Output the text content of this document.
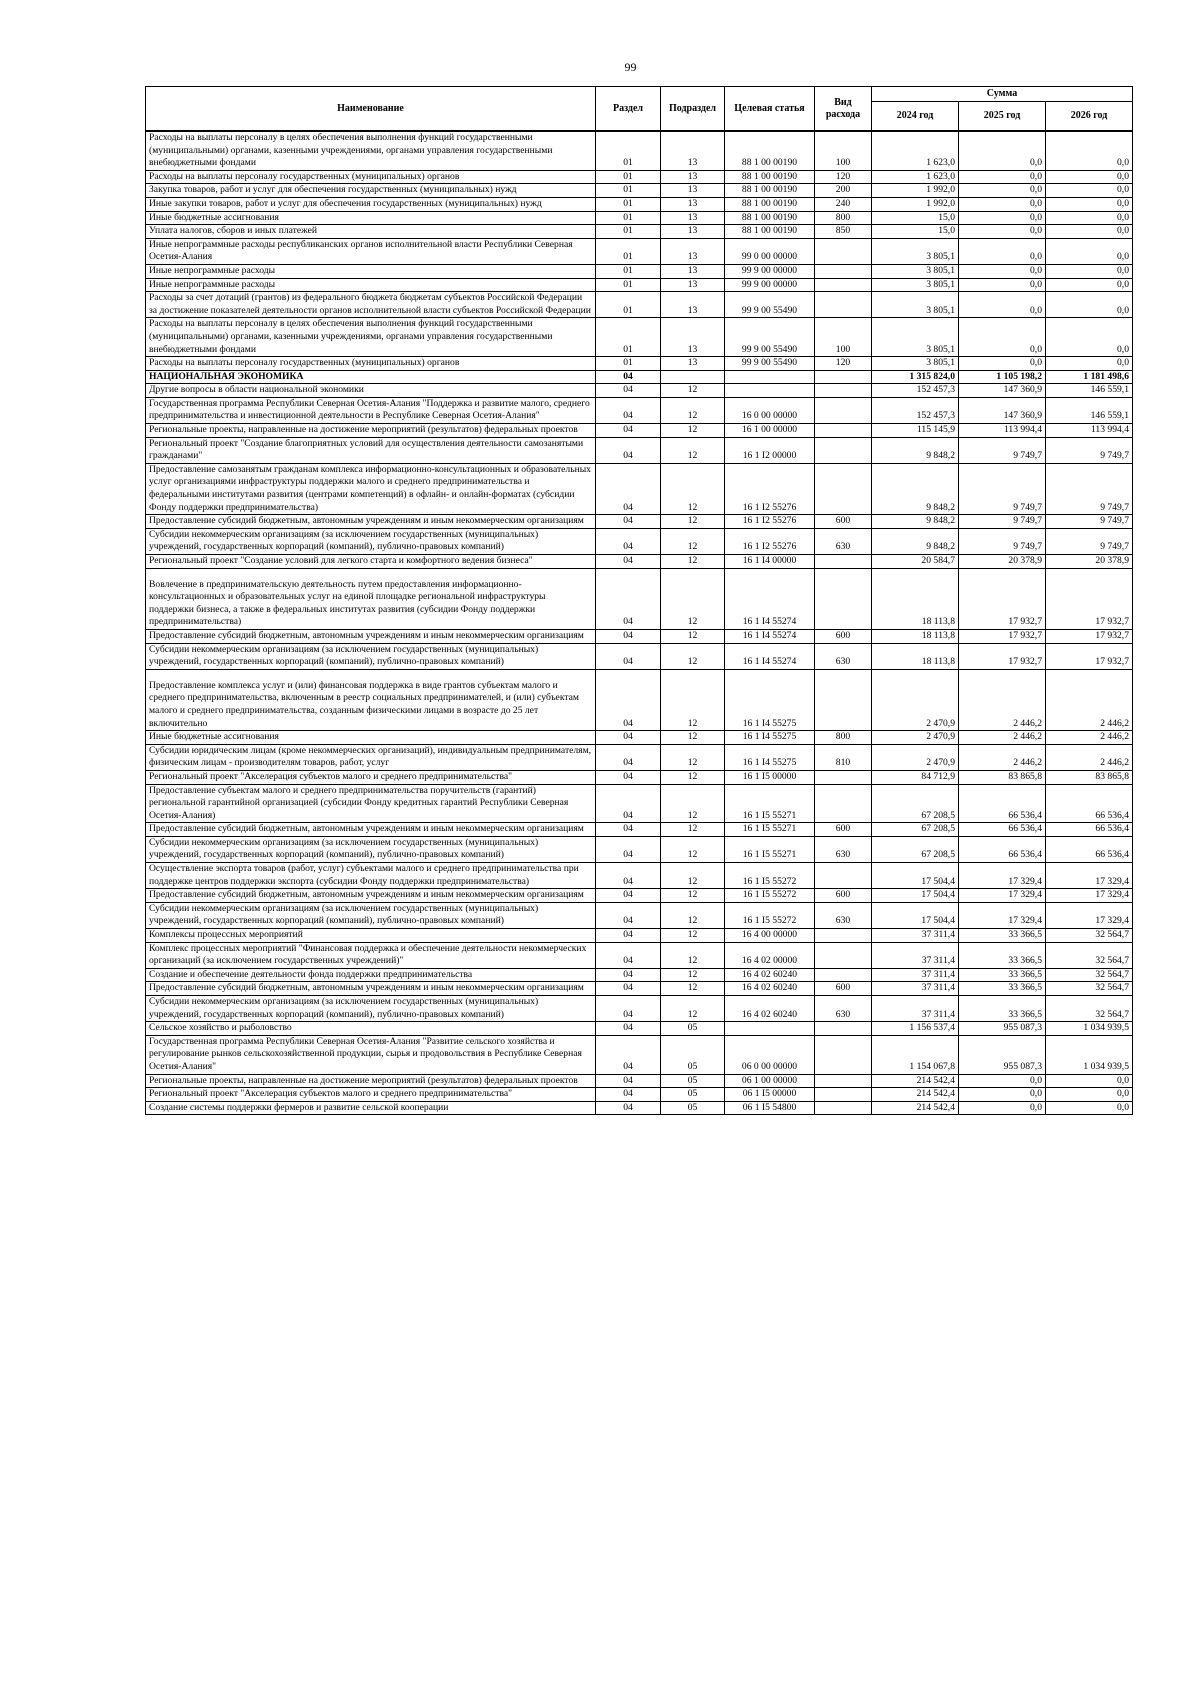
99
Наименование	Раздел	Подраздел	Целевая статья	Вид расхода	Сумма		
					2024 год	2025 год	2026 год
Расходы на выплаты персоналу в целях обеспечения выполнения функций государственными (муниципальными) органами, казенными учреждениями, органами управления государственными внебюджетными фондами	01	13	88 1 00 00190	100	1 623,0	0,0	0,0
Расходы на выплаты персоналу государственных (муниципальных) органов	01	13	88 1 00 00190	120	1 623,0	0,0	0,0
Закупка товаров, работ и услуг для обеспечения государственных (муниципальных) нужд	01	13	88 1 00 00190	200	1 992,0	0,0	0,0
Иные закупки товаров, работ и услуг для обеспечения государственных (муниципальных) нужд	01	13	88 1 00 00190	240	1 992,0	0,0	0,0
Иные бюджетные ассигнования	01	13	88 1 00 00190	800	15,0	0,0	0,0
Уплата налогов, сборов и иных платежей	01	13	88 1 00 00190	850	15,0	0,0	0,0
Иные непрограммные расходы республиканских органов исполнительной власти Республики Северная Осетия-Алания	01	13	99 0 00 00000		3 805,1	0,0	0,0
Иные непрограммные расходы	01	13	99 9 00 00000		3 805,1	0,0	0,0
Иные непрограммные расходы	01	13	99 9 00 00000		3 805,1	0,0	0,0
Расходы за счет дотаций (грантов) из федерального бюджета бюджетам субъектов Российской Федерации за достижение показателей деятельности органов исполнительной власти субъектов Российской Федерации	01	13	99 9 00 55490		3 805,1	0,0	0,0
Расходы на выплаты персоналу в целях обеспечения выполнения функций государственными (муниципальными) органами, казенными учреждениями, органами управления государственными внебюджетными фондами	01	13	99 9 00 55490	100	3 805,1	0,0	0,0
Расходы на выплаты персоналу государственных (муниципальных) органов	01	13	99 9 00 55490	120	3 805,1	0,0	0,0
НАЦИОНАЛЬНАЯ ЭКОНОМИКА	04				1 315 824,0	1 105 198,2	1 181 498,6
Другие вопросы в области национальной экономики	04	12			152 457,3	147 360,9	146 559,1
Государственная программа Республики Северная Осетия-Алания "Поддержка и развитие малого, среднего предпринимательства и инвестиционной деятельности в Республике Северная Осетия-Алания"	04	12	16 0 00 00000		152 457,3	147 360,9	146 559,1
Региональные проекты, направленные на достижение мероприятий (результатов) федеральных проектов	04	12	16 1 00 00000		115 145,9	113 994,4	113 994,4
Региональный проект "Создание благоприятных условий для осуществления деятельности самозанятыми гражданами"	04	12	16 1 I2 00000		9 848,2	9 749,7	9 749,7
Предоставление самозанятым гражданам комплекса информационно-консультационных и образовательных услуг организациями инфраструктуры поддержки малого и среднего предпринимательства и федеральными институтами развития (центрами компетенций) в офлайн- и онлайн-форматах (субсидии Фонду поддержки предпринимательства)	04	12	16 1 I2 55276		9 848,2	9 749,7	9 749,7
Предоставление субсидий бюджетным, автономным учреждениям и иным некоммерческим организациям	04	12	16 1 I2 55276	600	9 848,2	9 749,7	9 749,7
Субсидии некоммерческим организациям (за исключением государственных (муниципальных) учреждений, государственных корпораций (компаний), публично-правовых компаний)	04	12	16 1 I2 55276	630	9 848,2	9 749,7	9 749,7
Региональный проект "Создание условий для легкого старта и комфортного ведения бизнеса"	04	12	16 1 I4 00000		20 584,7	20 378,9	20 378,9
Вовлечение в предпринимательскую деятельность путем предоставления информационно-консультационных и образовательных услуг на единой площадке региональной инфраструктуры поддержки бизнеса, а также в федеральных институтах развития (субсидии Фонду поддержки предпринимательства)	04	12	16 1 I4 55274		18 113,8	17 932,7	17 932,7
Предоставление субсидий бюджетным, автономным учреждениям и иным некоммерческим организациям	04	12	16 1 I4 55274	600	18 113,8	17 932,7	17 932,7
Субсидии некоммерческим организациям (за исключением государственных (муниципальных) учреждений, государственных корпораций (компаний), публично-правовых компаний)	04	12	16 1 I4 55274	630	18 113,8	17 932,7	17 932,7
Предоставление комплекса услуг и (или) финансовая поддержка в виде грантов субъектам малого и среднего предпринимательства, включенным в реестр социальных предпринимателей, и (или) субъектам малого и среднего предпринимательства, созданным физическими лицами в возрасте до 25 лет включительно	04	12	16 1 I4 55275		2 470,9	2 446,2	2 446,2
Иные бюджетные ассигнования	04	12	16 1 I4 55275	800	2 470,9	2 446,2	2 446,2
Субсидии юридическим лицам (кроме некоммерческих организаций), индивидуальным предпринимателям, физическим лицам - производителям товаров, работ, услуг	04	12	16 1 I4 55275	810	2 470,9	2 446,2	2 446,2
Региональный проект "Акселерация субъектов малого и среднего предпринимательства"	04	12	16 1 I5 00000		84 712,9	83 865,8	83 865,8
Предоставление субъектам малого и среднего предпринимательства поручительств (гарантий) региональной гарантийной организацией (субсидии Фонду кредитных гарантий Республики Северная Осетия-Алания)	04	12	16 1 I5 55271		67 208,5	66 536,4	66 536,4
Предоставление субсидий бюджетным, автономным учреждениям и иным некоммерческим организациям	04	12	16 1 I5 55271	600	67 208,5	66 536,4	66 536,4
Субсидии некоммерческим организациям (за исключением государственных (муниципальных) учреждений, государственных корпораций (компаний), публично-правовых компаний)	04	12	16 1 I5 55271	630	67 208,5	66 536,4	66 536,4
Осуществление экспорта товаров (работ, услуг) субъектами малого и среднего предпринимательства при поддержке центров поддержки экспорта (субсидии Фонду поддержки предпринимательства)	04	12	16 1 I5 55272		17 504,4	17 329,4	17 329,4
Предоставление субсидий бюджетным, автономным учреждениям и иным некоммерческим организациям	04	12	16 1 I5 55272	600	17 504,4	17 329,4	17 329,4
Субсидии некоммерческим организациям (за исключением государственных (муниципальных) учреждений, государственных корпораций (компаний), публично-правовых компаний)	04	12	16 1 I5 55272	630	17 504,4	17 329,4	17 329,4
Комплексы процессных мероприятий	04	12	16 4 00 00000		37 311,4	33 366,5	32 564,7
Комплекс процессных мероприятий "Финансовая поддержка и обеспечение деятельности некоммерческих организаций (за исключением государственных учреждений)"	04	12	16 4 02 00000		37 311,4	33 366,5	32 564,7
Создание и обеспечение деятельности фонда поддержки предпринимательства	04	12	16 4 02 60240		37 311,4	33 366,5	32 564,7
Предоставление субсидий бюджетным, автономным учреждениям и иным некоммерческим организациям	04	12	16 4 02 60240	600	37 311,4	33 366,5	32 564,7
Субсидии некоммерческим организациям (за исключением государственных (муниципальных) учреждений, государственных корпораций (компаний), публично-правовых компаний)	04	12	16 4 02 60240	630	37 311,4	33 366,5	32 564,7
Сельское хозяйство и рыболовство	04	05			1 156 537,4	955 087,3	1 034 939,5
Государственная программа Республики Северная Осетия-Алания "Развитие сельского хозяйства и регулирование рынков сельскохозяйственной продукции, сырья и продовольствия в Республике Северная Осетия-Алания"	04	05	06 0 00 00000		1 154 067,8	955 087,3	1 034 939,5
Региональные проекты, направленные на достижение мероприятий (результатов) федеральных проектов	04	05	06 1 00 00000		214 542,4	0,0	0,0
Региональный проект "Акселерация субъектов малого и среднего предпринимательства"	04	05	06 1 I5 00000		214 542,4	0,0	0,0
Создание системы поддержки фермеров и развитие сельской кооперации	04	05	06 1 I5 54800		214 542,4	0,0	0,0
